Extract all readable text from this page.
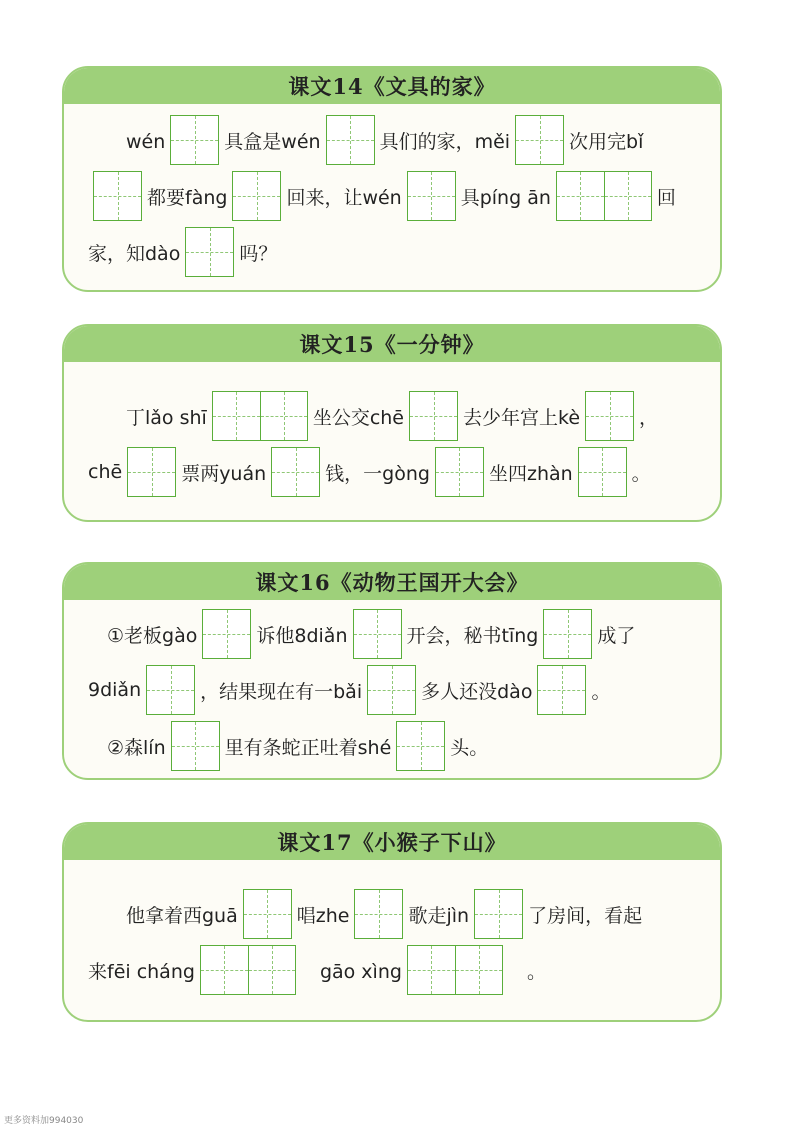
课文14《文具的家》
　　wén	具盒是wén	具们的家，měi	次用完bǐ
都要fàng	回来，让wén	具píng ān	回
家，知dào	吗？
课文15《一分钟》
　　丁lǎo shī	坐公交chē	去少年宫上kè	，
chē	票两yuán	钱，一gòng	坐四zhàn	。
课文16《动物王国开大会》
　①老板gào	诉他8diǎn	开会，秘书tīng	成了
9diǎn	，结果现在有一bǎi	多人还没dào	。
　②森lín	里有条蛇正吐着shé	头。
课文17《小猴子下山》
　　他拿着西guā	唱zhe	歌走jìn	了房间，看起
来fēi cháng	　gāo xìng	　。
更多资料加994030
